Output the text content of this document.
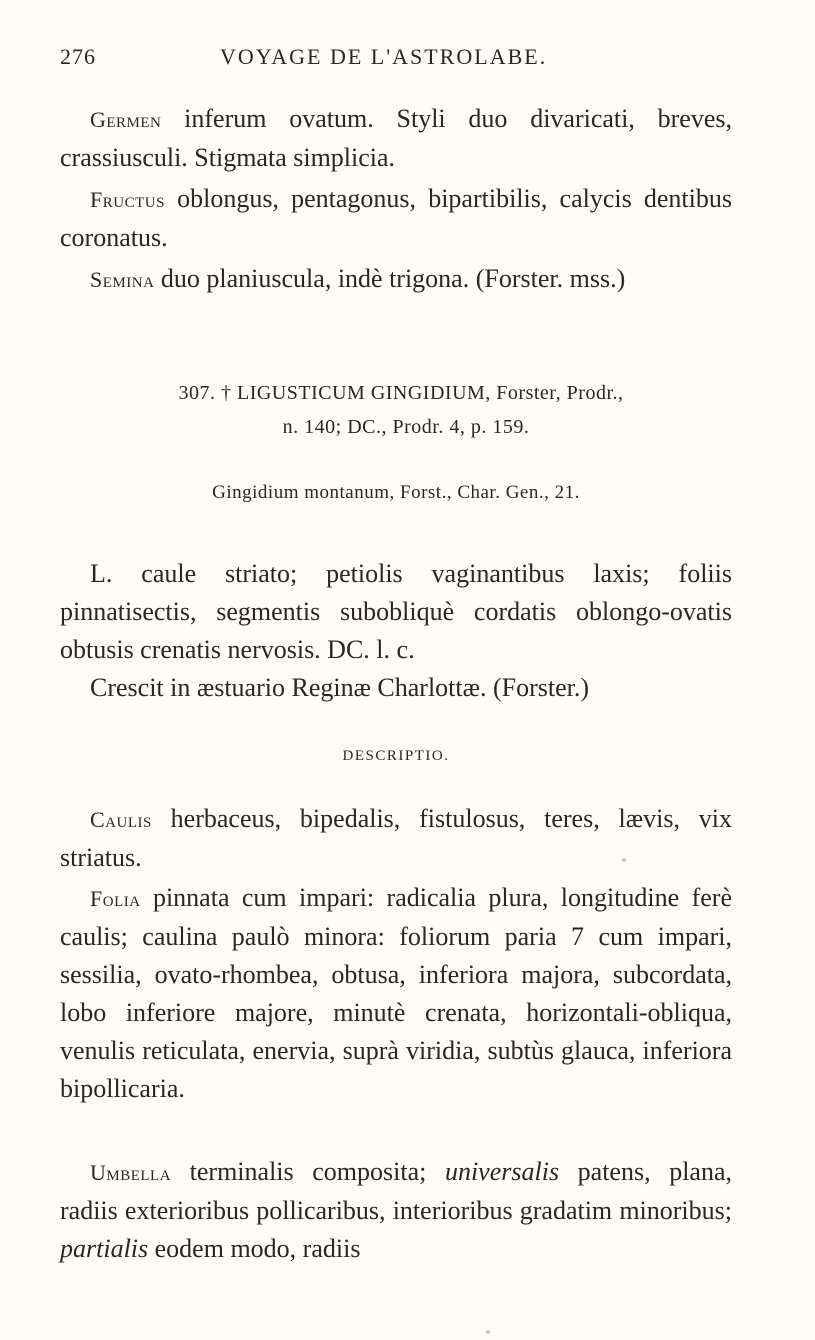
276	VOYAGE DE L'ASTROLABE.
Germen inferum ovatum. Styli duo divaricati, breves, crassiusculi. Stigmata simplicia.
Fructus oblongus, pentagonus, bipartibilis, calycis dentibus coronatus.
Semina duo planiuscula, indè trigona. (Forster. mss.)
307. † LIGUSTICUM GINGIDIUM, Forster, Prodr.,
n. 140; DC., Prodr. 4, p. 159.
Gingidium montanum, Forst., Char. Gen., 21.
L. caule striato; petiolis vaginantibus laxis; foliis pinnatisectis, segmentis subobliquè cordatis oblongo-ovatis obtusis crenatis nervosis. DC. l. c.
Crescit in æstuario Reginæ Charlottæ. (Forster.)
DESCRIPTIO.
Caulis herbaceus, bipedalis, fistulosus, teres, lævis, vix striatus.
Folia pinnata cum impari: radicalia plura, longitudine ferè caulis; caulina paulò minora: foliorum paria 7 cum impari, sessilia, ovato-rhombea, obtusa, inferiora majora, subcordata, lobo inferiore majore, minutè crenata, horizontali-obliqua, venulis reticulata, enervia, suprà viridia, subtùs glauca, inferiora bipollicaria.
Umbella terminalis composita; universalis patens, plana, radiis exterioribus pollicaribus, interioribus gradatim minoribus; partialis eodem modo, radiis
